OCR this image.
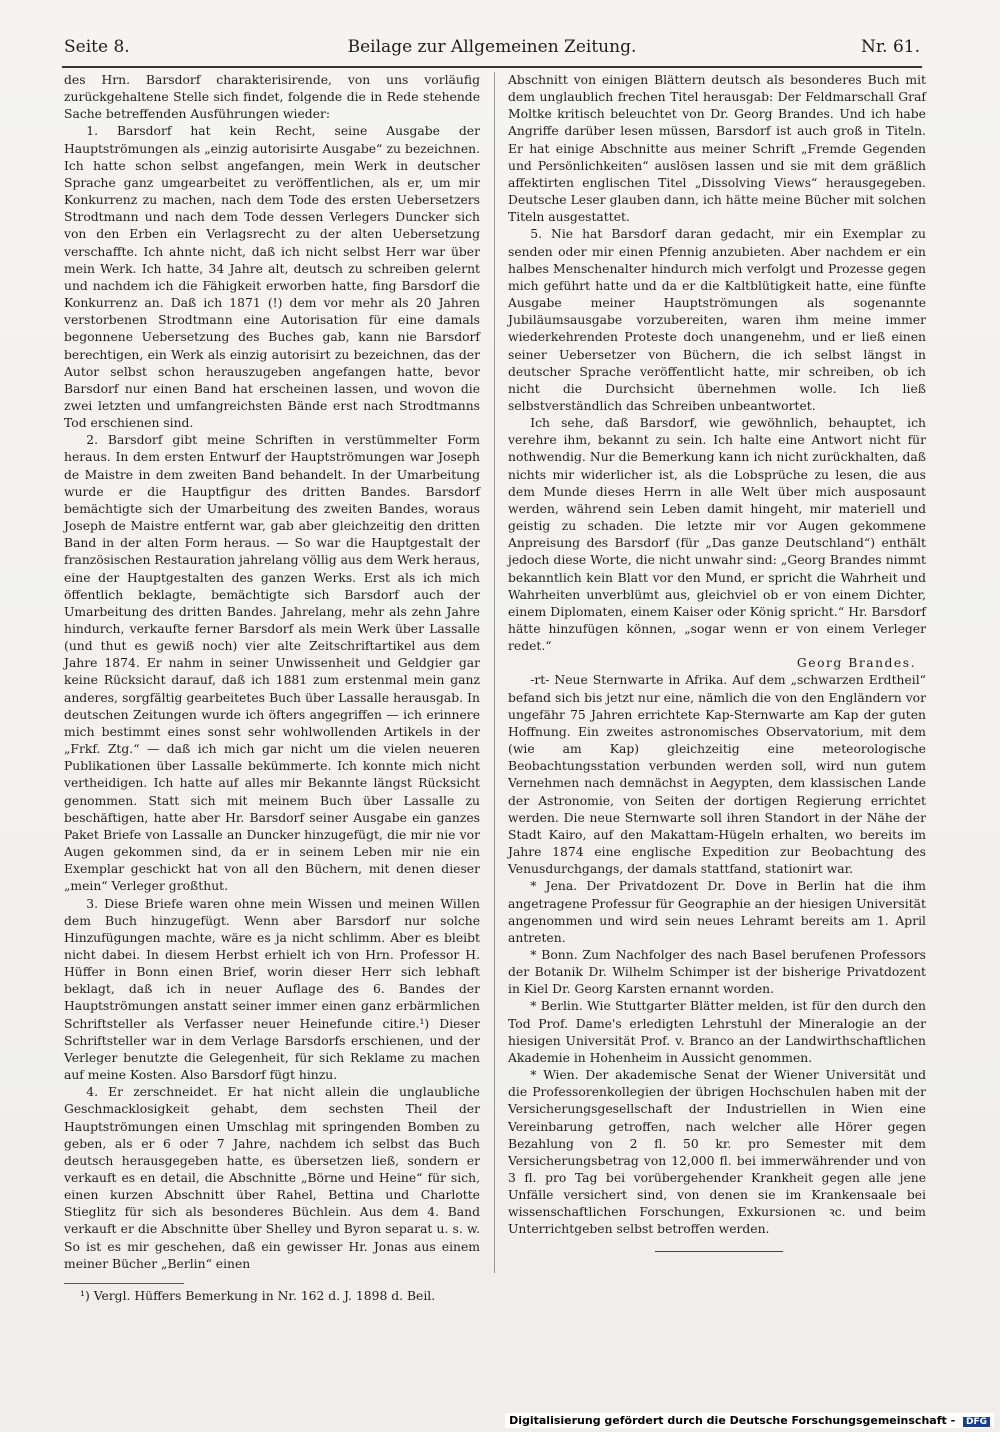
Seite 8.	Beilage zur Allgemeinen Zeitung.	Nr. 61.

des Hrn. Barsdorf charakterisirende, von uns vorläufig zurückgehaltene Stelle sich findet, folgende die in Rede stehende Sache betreffenden Ausführungen wieder:

1. Barsdorf hat kein Recht, seine Ausgabe der Hauptströmungen als „einzig autorisirte Ausgabe“ zu bezeichnen. Ich hatte schon selbst angefangen, mein Werk in deutscher Sprache ganz umgearbeitet zu veröffentlichen, als er, um mir Konkurrenz zu machen, nach dem Tode des ersten Uebersetzers Strodtmann und nach dem Tode dessen Verlegers Duncker sich von den Erben ein Verlagsrecht zu der alten Uebersetzung verschaffte. Ich ahnte nicht, daß ich nicht selbst Herr war über mein Werk. Ich hatte, 34 Jahre alt, deutsch zu schreiben gelernt und nachdem ich die Fähigkeit erworben hatte, fing Barsdorf die Konkurrenz an. Daß ich 1871 (!) dem vor mehr als 20 Jahren verstorbenen Strodtmann eine Autorisation für eine damals begonnene Uebersetzung des Buches gab, kann nie Barsdorf berechtigen, ein Werk als einzig autorisirt zu bezeichnen, das der Autor selbst schon herauszugeben angefangen hatte, bevor Barsdorf nur einen Band hat erscheinen lassen, und wovon die zwei letzten und umfangreichsten Bände erst nach Strodtmanns Tod erschienen sind.

2. Barsdorf gibt meine Schriften in verstümmelter Form heraus. In dem ersten Entwurf der Hauptströmungen war Joseph de Maistre in dem zweiten Band behandelt. In der Umarbeitung wurde er die Hauptfigur des dritten Bandes. Barsdorf bemächtigte sich der Umarbeitung des zweiten Bandes, woraus Joseph de Maistre entfernt war, gab aber gleichzeitig den dritten Band in der alten Form heraus. — So war die Hauptgestalt der französischen Restauration jahrelang völlig aus dem Werk heraus, eine der Hauptgestalten des ganzen Werks. Erst als ich mich öffentlich beklagte, bemächtigte sich Barsdorf auch der Umarbeitung des dritten Bandes. Jahrelang, mehr als zehn Jahre hindurch, verkaufte ferner Barsdorf als mein Werk über Lassalle (und thut es gewiß noch) vier alte Zeitschriftartikel aus dem Jahre 1874. Er nahm in seiner Unwissenheit und Geldgier gar keine Rücksicht darauf, daß ich 1881 zum erstenmal mein ganz anderes, sorgfältig gearbeitetes Buch über Lassalle herausgab. In deutschen Zeitungen wurde ich öfters angegriffen — ich erinnere mich bestimmt eines sonst sehr wohlwollenden Artikels in der „Frkf. Ztg.“ — daß ich mich gar nicht um die vielen neueren Publikationen über Lassalle bekümmerte. Ich konnte mich nicht vertheidigen. Ich hatte auf alles mir Bekannte längst Rücksicht genommen. Statt sich mit meinem Buch über Lassalle zu beschäftigen, hatte aber Hr. Barsdorf seiner Ausgabe ein ganzes Paket Briefe von Lassalle an Duncker hinzugefügt, die mir nie vor Augen gekommen sind, da er in seinem Leben mir nie ein Exemplar geschickt hat von all den Büchern, mit denen dieser „mein“ Verleger großthut.

3. Diese Briefe waren ohne mein Wissen und meinen Willen dem Buch hinzugefügt. Wenn aber Barsdorf nur solche Hinzufügungen machte, wäre es ja nicht schlimm. Aber es bleibt nicht dabei. In diesem Herbst erhielt ich von Hrn. Professor H. Hüffer in Bonn einen Brief, worin dieser Herr sich lebhaft beklagt, daß ich in neuer Auflage des 6. Bandes der Hauptströmungen anstatt seiner immer einen ganz erbärmlichen Schriftsteller als Verfasser neuer Heinefunde citire.¹) Dieser Schriftsteller war in dem Verlage Barsdorfs erschienen, und der Verleger benutzte die Gelegenheit, für sich Reklame zu machen auf meine Kosten. Also Barsdorf fügt hinzu.

4. Er zerschneidet. Er hat nicht allein die unglaubliche Geschmacklosigkeit gehabt, dem sechsten Theil der Hauptströmungen einen Umschlag mit springenden Bomben zu geben, als er 6 oder 7 Jahre, nachdem ich selbst das Buch deutsch herausgegeben hatte, es übersetzen ließ, sondern er verkauft es en detail, die Abschnitte „Börne und Heine“ für sich, einen kurzen Abschnitt über Rahel, Bettina und Charlotte Stieglitz für sich als besonderes Büchlein. Aus dem 4. Band verkauft er die Abschnitte über Shelley und Byron separat u. s. w. So ist es mir geschehen, daß ein gewisser Hr. Jonas aus einem meiner Bücher „Berlin“ einen

Abschnitt von einigen Blättern deutsch als besonderes Buch mit dem unglaublich frechen Titel herausgab: Der Feldmarschall Graf Moltke kritisch beleuchtet von Dr. Georg Brandes. Und ich habe Angriffe darüber lesen müssen, Barsdorf ist auch groß in Titeln. Er hat einige Abschnitte aus meiner Schrift „Fremde Gegenden und Persönlichkeiten“ auslösen lassen und sie mit dem gräßlich affektirten englischen Titel „Dissolving Views“ herausgegeben. Deutsche Leser glauben dann, ich hätte meine Bücher mit solchen Titeln ausgestattet.

5. Nie hat Barsdorf daran gedacht, mir ein Exemplar zu senden oder mir einen Pfennig anzubieten. Aber nachdem er ein halbes Menschenalter hindurch mich verfolgt und Prozesse gegen mich geführt hatte und da er die Kaltblütigkeit hatte, eine fünfte Ausgabe meiner Hauptströmungen als sogenannte Jubiläumsausgabe vorzubereiten, waren ihm meine immer wiederkehrenden Proteste doch unangenehm, und er ließ einen seiner Uebersetzer von Büchern, die ich selbst längst in deutscher Sprache veröffentlicht hatte, mir schreiben, ob ich nicht die Durchsicht übernehmen wolle. Ich ließ selbstverständlich das Schreiben unbeantwortet.

Ich sehe, daß Barsdorf, wie gewöhnlich, behauptet, ich verehre ihm, bekannt zu sein. Ich halte eine Antwort nicht für nothwendig. Nur die Bemerkung kann ich nicht zurückhalten, daß nichts mir widerlicher ist, als die Lobsprüche zu lesen, die aus dem Munde dieses Herrn in alle Welt über mich ausposaunt werden, während sein Leben damit hingeht, mir materiell und geistig zu schaden. Die letzte mir vor Augen gekommene Anpreisung des Barsdorf (für „Das ganze Deutschland“) enthält jedoch diese Worte, die nicht unwahr sind: „Georg Brandes nimmt bekanntlich kein Blatt vor den Mund, er spricht die Wahrheit und Wahrheiten unverblümt aus, gleichviel ob er von einem Dichter, einem Diplomaten, einem Kaiser oder König spricht.“ Hr. Barsdorf hätte hinzufügen können, „sogar wenn er von einem Verleger redet.“

Georg Brandes.

-rt- Neue Sternwarte in Afrika. Auf dem „schwarzen Erdtheil“ befand sich bis jetzt nur eine, nämlich die von den Engländern vor ungefähr 75 Jahren errichtete Kap-Sternwarte am Kap der guten Hoffnung. Ein zweites astronomisches Observatorium, mit dem (wie am Kap) gleichzeitig eine meteorologische Beobachtungsstation verbunden werden soll, wird nun gutem Vernehmen nach demnächst in Aegypten, dem klassischen Lande der Astronomie, von Seiten der dortigen Regierung errichtet werden. Die neue Sternwarte soll ihren Standort in der Nähe der Stadt Kairo, auf den Makattam-Hügeln erhalten, wo bereits im Jahre 1874 eine englische Expedition zur Beobachtung des Venusdurchgangs, der damals stattfand, stationirt war.

* Jena. Der Privatdozent Dr. Dove in Berlin hat die ihm angetragene Professur für Geographie an der hiesigen Universität angenommen und wird sein neues Lehramt bereits am 1. April antreten.

* Bonn. Zum Nachfolger des nach Basel berufenen Professors der Botanik Dr. Wilhelm Schimper ist der bisherige Privatdozent in Kiel Dr. Georg Karsten ernannt worden.

* Berlin. Wie Stuttgarter Blätter melden, ist für den durch den Tod Prof. Dame's erledigten Lehrstuhl der Mineralogie an der hiesigen Universität Prof. v. Branco an der Landwirthschaftlichen Akademie in Hohenheim in Aussicht genommen.

* Wien. Der akademische Senat der Wiener Universität und die Professorenkollegien der übrigen Hochschulen haben mit der Versicherungsgesellschaft der Industriellen in Wien eine Vereinbarung getroffen, nach welcher alle Hörer gegen Bezahlung von 2 fl. 50 kr. pro Semester mit dem Versicherungsbetrag von 12,000 fl. bei immerwährender und von 3 fl. pro Tag bei vorübergehender Krankheit gegen alle jene Unfälle versichert sind, von denen sie im Krankensaale bei wissenschaftlichen Forschungen, Exkursionen ꝛc. und beim Unterrichtgeben selbst betroffen werden.

¹) Vergl. Hüffers Bemerkung in Nr. 162 d. J. 1898 d. Beil.
Digitalisierung gefördert durch die Deutsche Forschungsgemeinschaft - DFG
